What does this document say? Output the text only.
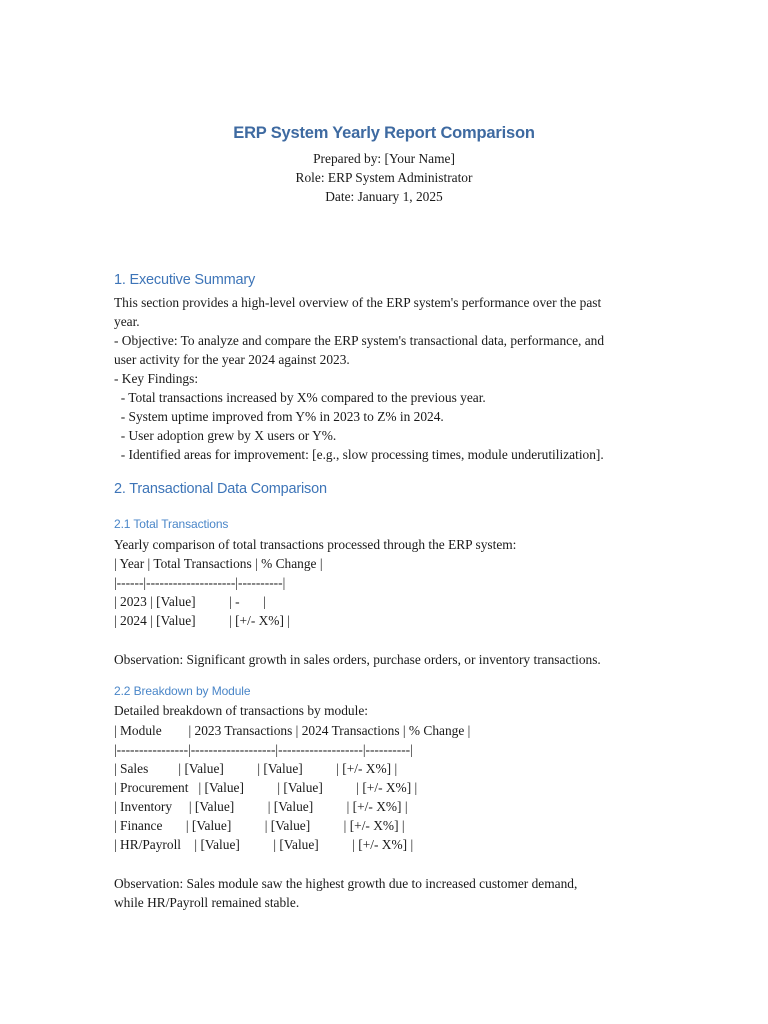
ERP System Yearly Report Comparison
Prepared by: [Your Name]
Role: ERP System Administrator
Date: January 1, 2025
1. Executive Summary
This section provides a high-level overview of the ERP system's performance over the past
year.
- Objective: To analyze and compare the ERP system's transactional data, performance, and
user activity for the year 2024 against 2023.
- Key Findings:
- Total transactions increased by X% compared to the previous year.
- System uptime improved from Y% in 2023 to Z% in 2024.
- User adoption grew by X users or Y%.
- Identified areas for improvement: [e.g., slow processing times, module underutilization].
2. Transactional Data Comparison
2.1 Total Transactions
Yearly comparison of total transactions processed through the ERP system:
| Year | Total Transactions | % Change |
|------|--------------------|----------|
| 2023 | [Value]          | -       |
| 2024 | [Value]          | [+/- X%] |
Observation: Significant growth in sales orders, purchase orders, or inventory transactions.
2.2 Breakdown by Module
Detailed breakdown of transactions by module:
| Module        | 2023 Transactions | 2024 Transactions | % Change |
|----------------|-------------------|-------------------|----------|
| Sales         | [Value]          | [Value]          | [+/- X%] |
| Procurement   | [Value]          | [Value]          | [+/- X%] |
| Inventory     | [Value]          | [Value]          | [+/- X%] |
| Finance       | [Value]          | [Value]          | [+/- X%] |
| HR/Payroll    | [Value]          | [Value]          | [+/- X%] |
Observation: Sales module saw the highest growth due to increased customer demand,
while HR/Payroll remained stable.
